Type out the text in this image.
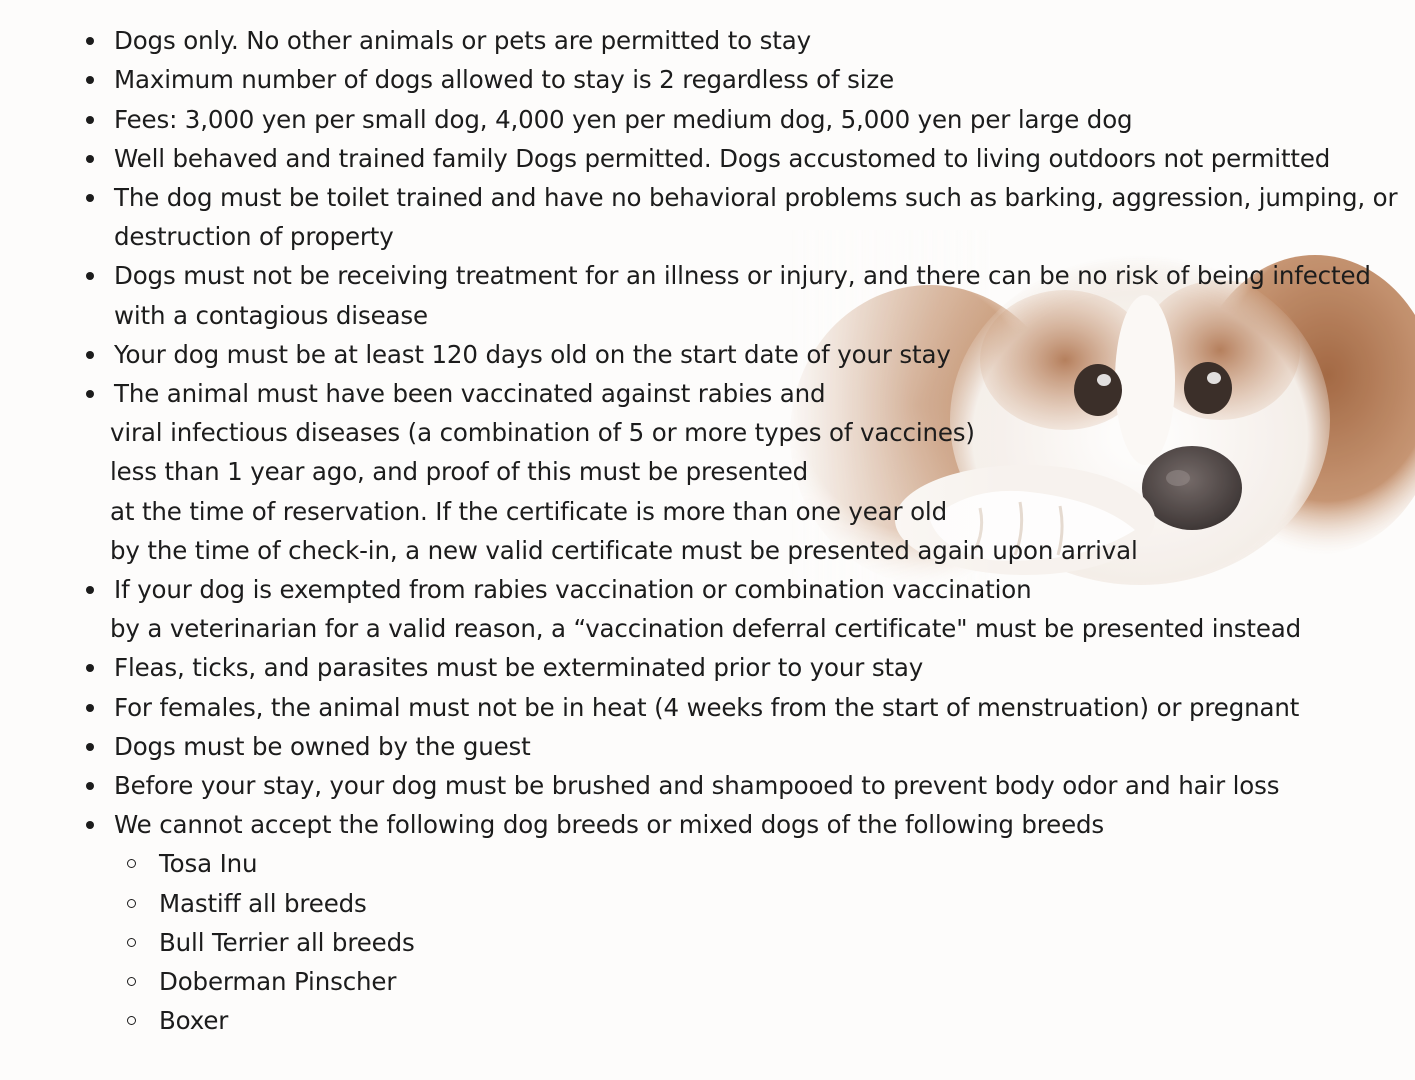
Dogs only. No other animals or pets are permitted to stay
Maximum number of dogs allowed to stay is 2 regardless of size
Fees: 3,000 yen per small dog, 4,000 yen per medium dog, 5,000 yen per large dog
Well behaved and trained family Dogs permitted. Dogs accustomed to living outdoors not permitted
The dog must be toilet trained and have no behavioral problems such as barking, aggression, jumping, or
destruction of property
Dogs must not be receiving treatment for an illness or injury, and there can be no risk of being infected
with a contagious disease
Your dog must be at least 120 days old on the start date of your stay
The animal must have been vaccinated against rabies and
viral infectious diseases (a combination of 5 or more types of vaccines)
less than 1 year ago, and proof of this must be presented
at the time of reservation. If the certificate is more than one year old
by the time of check-in, a new valid certificate must be presented again upon arrival
If your dog is exempted from rabies vaccination or combination vaccination
by a veterinarian for a valid reason, a “vaccination deferral certificate" must be presented instead
Fleas, ticks, and parasites must be exterminated prior to your stay
For females, the animal must not be in heat (4 weeks from the start of menstruation) or pregnant
Dogs must be owned by the guest
Before your stay, your dog must be brushed and shampooed to prevent body odor and hair loss
We cannot accept the following dog breeds or mixed dogs of the following breeds
Tosa Inu
Mastiff all breeds
Bull Terrier all breeds
Doberman Pinscher
Boxer
